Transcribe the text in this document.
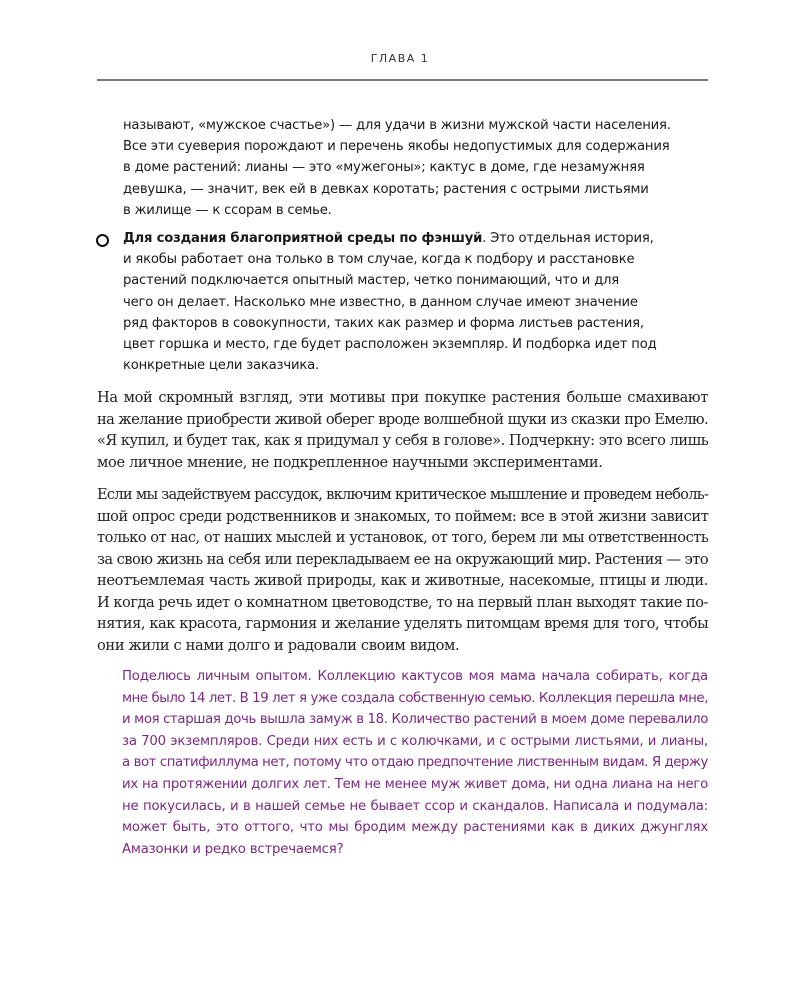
ГЛАВА 1
называют, «мужское счастье») — для удачи в жизни мужской части населения.
Все эти суеверия порождают и перечень якобы недопустимых для содержания
в доме растений: лианы — это «мужегоны»; кактус в доме, где незамужняя
девушка, — значит, век ей в девках коротать; растения с острыми листьями
в жилище — к ссорам в семье.
Для создания благоприятной среды по фэншуй. Это отдельная история,
и якобы работает она только в том случае, когда к подбору и расстановке
растений подключается опытный мастер, четко понимающий, что и для
чего он делает. Насколько мне известно, в данном случае имеют значение
ряд факторов в совокупности, таких как размер и форма листьев растения,
цвет горшка и место, где будет расположен экземпляр. И подборка идет под
конкретные цели заказчика.
На мой скромный взгляд, эти мотивы при покупке растения больше смахивают
на желание приобрести живой оберег вроде волшебной щуки из сказки про Емелю.
«Я купил, и будет так, как я придумал у себя в голове». Подчеркну: это всего лишь
мое личное мнение, не подкрепленное научными экспериментами.
Если мы задействуем рассудок, включим критическое мышление и проведем неболь-
шой опрос среди родственников и знакомых, то поймем: все в этой жизни зависит
только от нас, от наших мыслей и установок, от того, берем ли мы ответственность
за свою жизнь на себя или перекладываем ее на окружающий мир. Растения — это
неотъемлемая часть живой природы, как и животные, насекомые, птицы и люди.
И когда речь идет о комнатном цветоводстве, то на первый план выходят такие по-
нятия, как красота, гармония и желание уделять питомцам время для того, чтобы
они жили с нами долго и радовали своим видом.
Поделюсь личным опытом. Коллекцию кактусов моя мама начала собирать, когда
мне было 14 лет. В 19 лет я уже создала собственную семью. Коллекция перешла мне,
и моя старшая дочь вышла замуж в 18. Количество растений в моем доме перевалило
за 700 экземпляров. Среди них есть и с колючками, и с острыми листьями, и лианы,
а вот спатифиллума нет, потому что отдаю предпочтение лиственным видам. Я держу
их на протяжении долгих лет. Тем не менее муж живет дома, ни одна лиана на него
не покусилась, и в нашей семье не бывает ссор и скандалов. Написала и подумала:
может быть, это оттого, что мы бродим между растениями как в диких джунглях
Амазонки и редко встречаемся?
